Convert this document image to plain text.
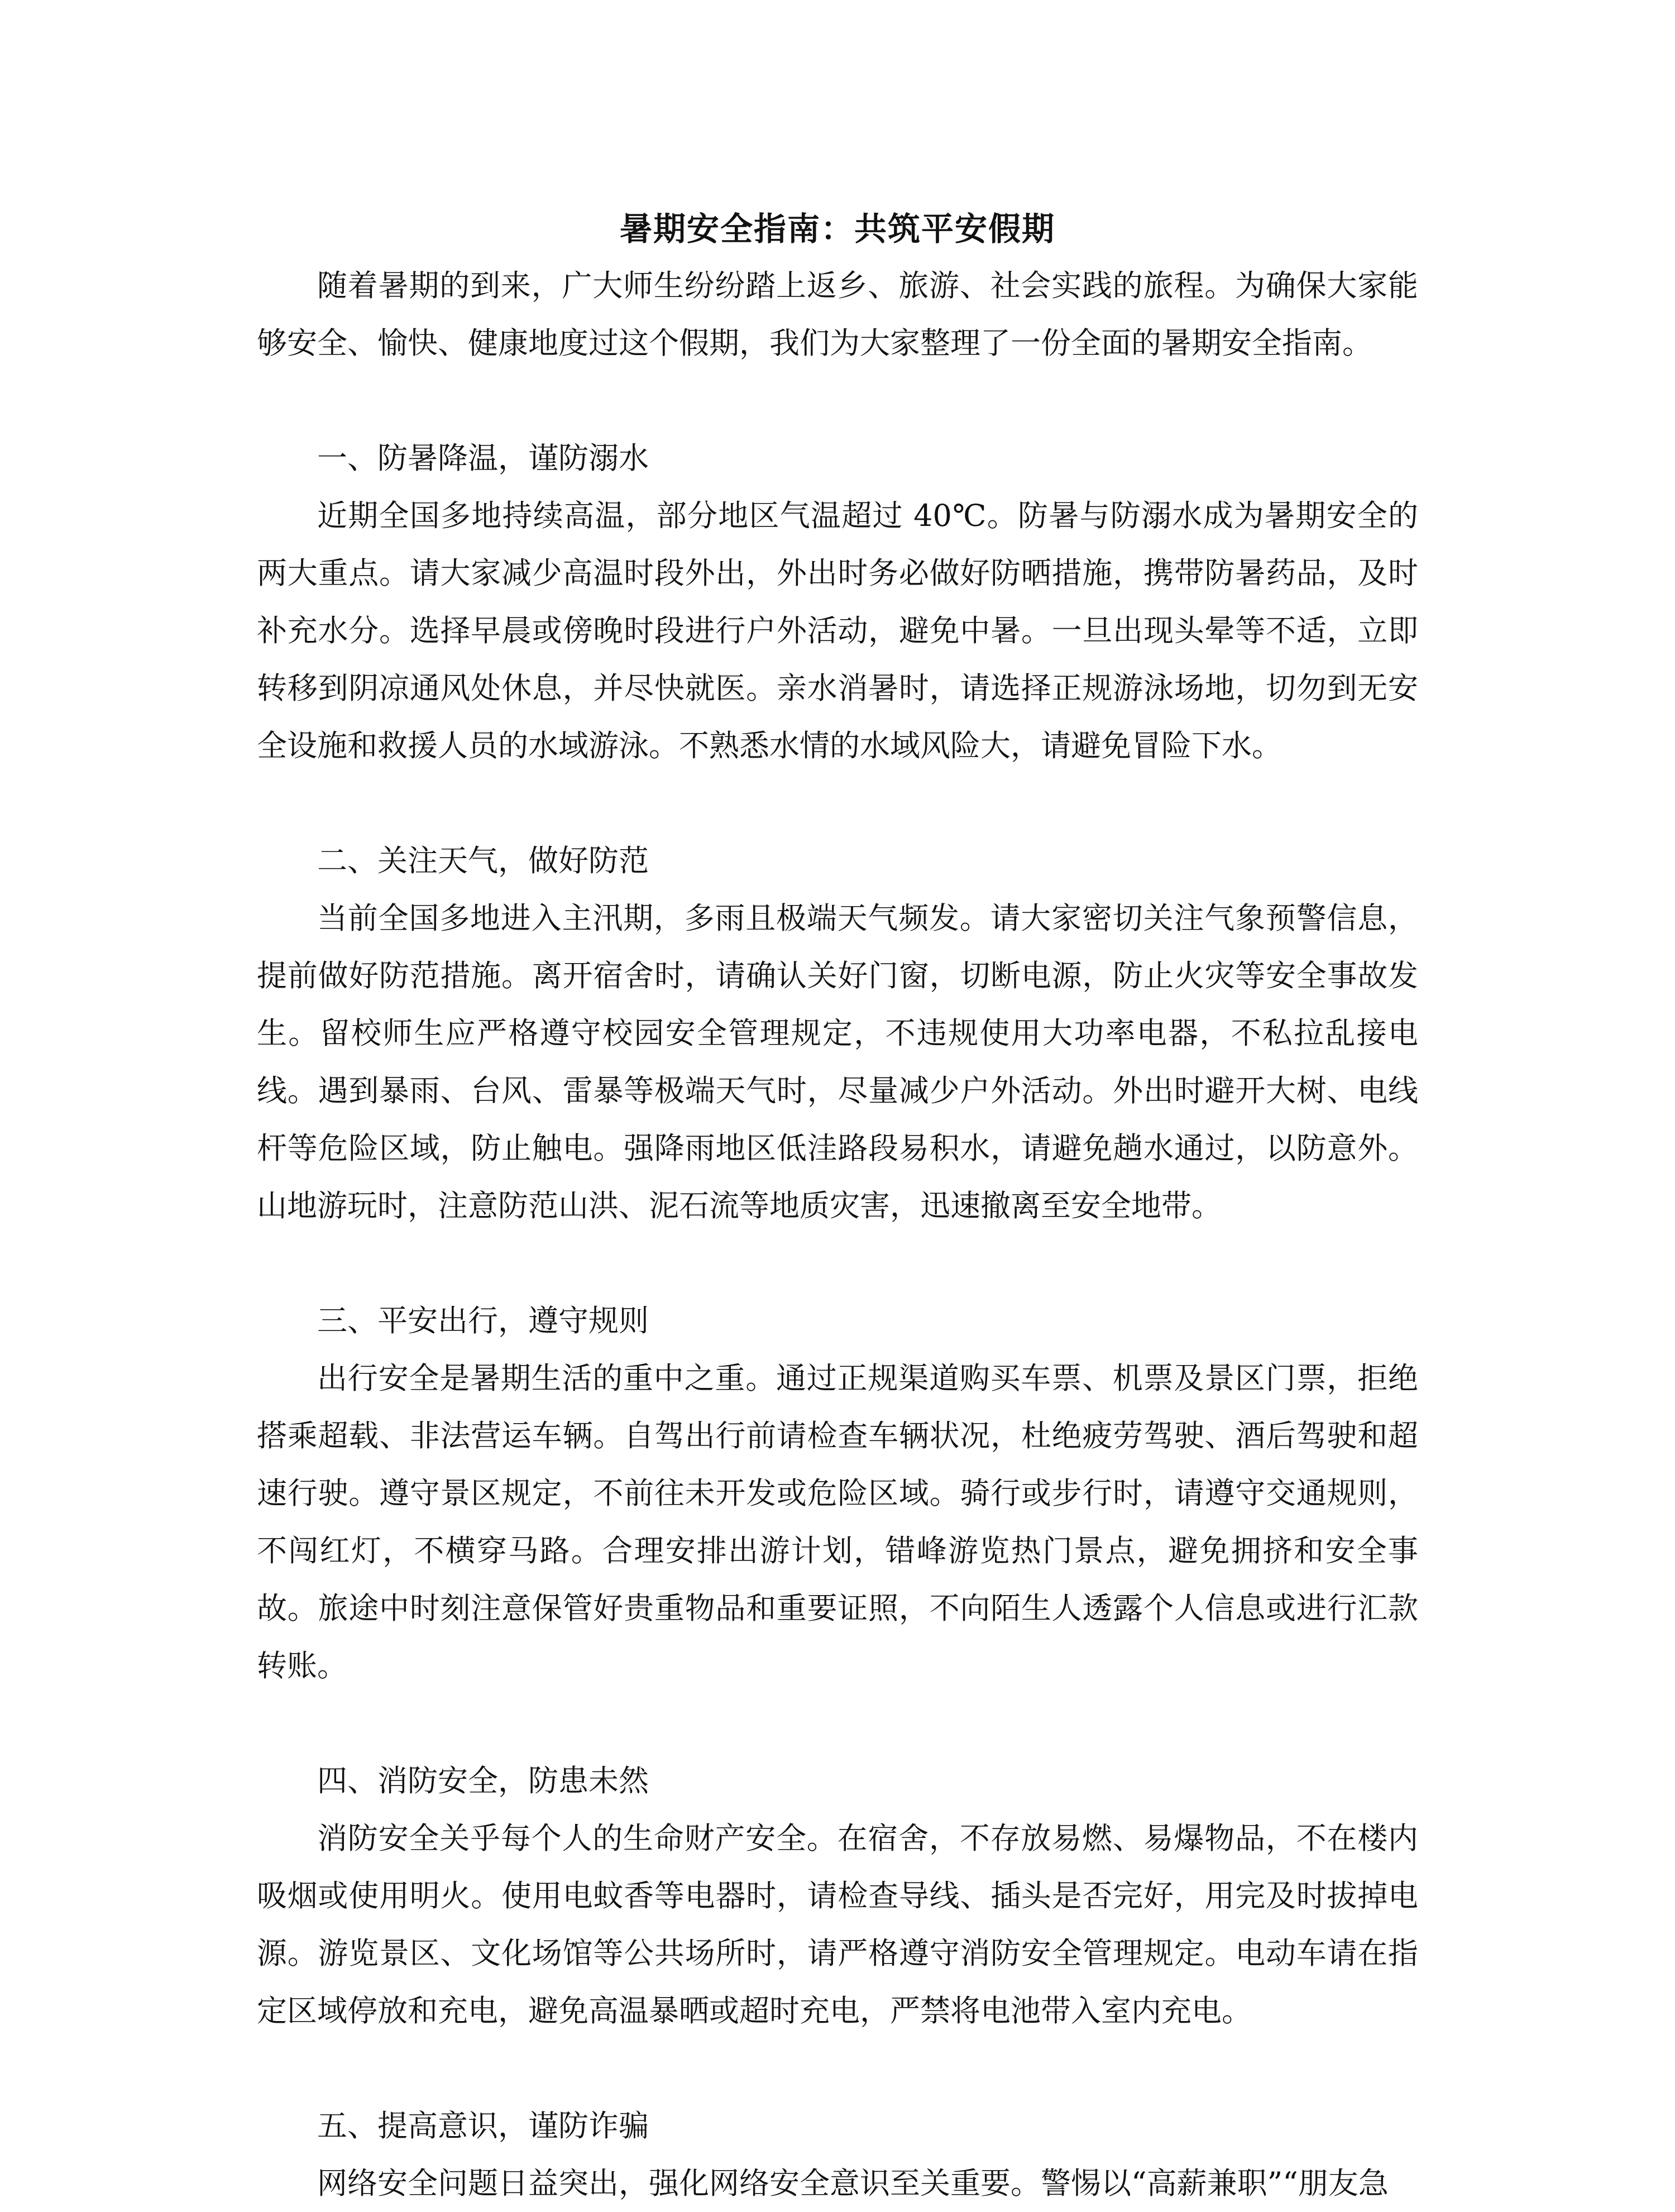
暑期安全指南：共筑平安假期

随着暑期的到来，广大师生纷纷踏上返乡、旅游、社会实践的旅程。为确保大家能够安全、愉快、健康地度过这个假期，我们为大家整理了一份全面的暑期安全指南。

一、防暑降温，谨防溺水

近期全国多地持续高温，部分地区气温超过 40℃。防暑与防溺水成为暑期安全的两大重点。请大家减少高温时段外出，外出时务必做好防晒措施，携带防暑药品，及时补充水分。选择早晨或傍晚时段进行户外活动，避免中暑。一旦出现头晕等不适，立即转移到阴凉通风处休息，并尽快就医。亲水消暑时，请选择正规游泳场地，切勿到无安全设施和救援人员的水域游泳。不熟悉水情的水域风险大，请避免冒险下水。

二、关注天气，做好防范

当前全国多地进入主汛期，多雨且极端天气频发。请大家密切关注气象预警信息，提前做好防范措施。离开宿舍时，请确认关好门窗，切断电源，防止火灾等安全事故发生。留校师生应严格遵守校园安全管理规定，不违规使用大功率电器，不私拉乱接电线。遇到暴雨、台风、雷暴等极端天气时，尽量减少户外活动。外出时避开大树、电线杆等危险区域，防止触电。强降雨地区低洼路段易积水，请避免趟水通过，以防意外。山地游玩时，注意防范山洪、泥石流等地质灾害，迅速撤离至安全地带。

三、平安出行，遵守规则

出行安全是暑期生活的重中之重。通过正规渠道购买车票、机票及景区门票，拒绝搭乘超载、非法营运车辆。自驾出行前请检查车辆状况，杜绝疲劳驾驶、酒后驾驶和超速行驶。遵守景区规定，不前往未开发或危险区域。骑行或步行时，请遵守交通规则，不闯红灯，不横穿马路。合理安排出游计划，错峰游览热门景点，避免拥挤和安全事故。旅途中时刻注意保管好贵重物品和重要证照，不向陌生人透露个人信息或进行汇款转账。

四、消防安全，防患未然

消防安全关乎每个人的生命财产安全。在宿舍，不存放易燃、易爆物品，不在楼内吸烟或使用明火。使用电蚊香等电器时，请检查导线、插头是否完好，用完及时拔掉电源。游览景区、文化场馆等公共场所时，请严格遵守消防安全管理规定。电动车请在指定区域停放和充电，避免高温暴晒或超时充电，严禁将电池带入室内充电。

五、提高意识，谨防诈骗

网络安全问题日益突出，强化网络安全意识至关重要。警惕以“高薪兼职”“朋友急
